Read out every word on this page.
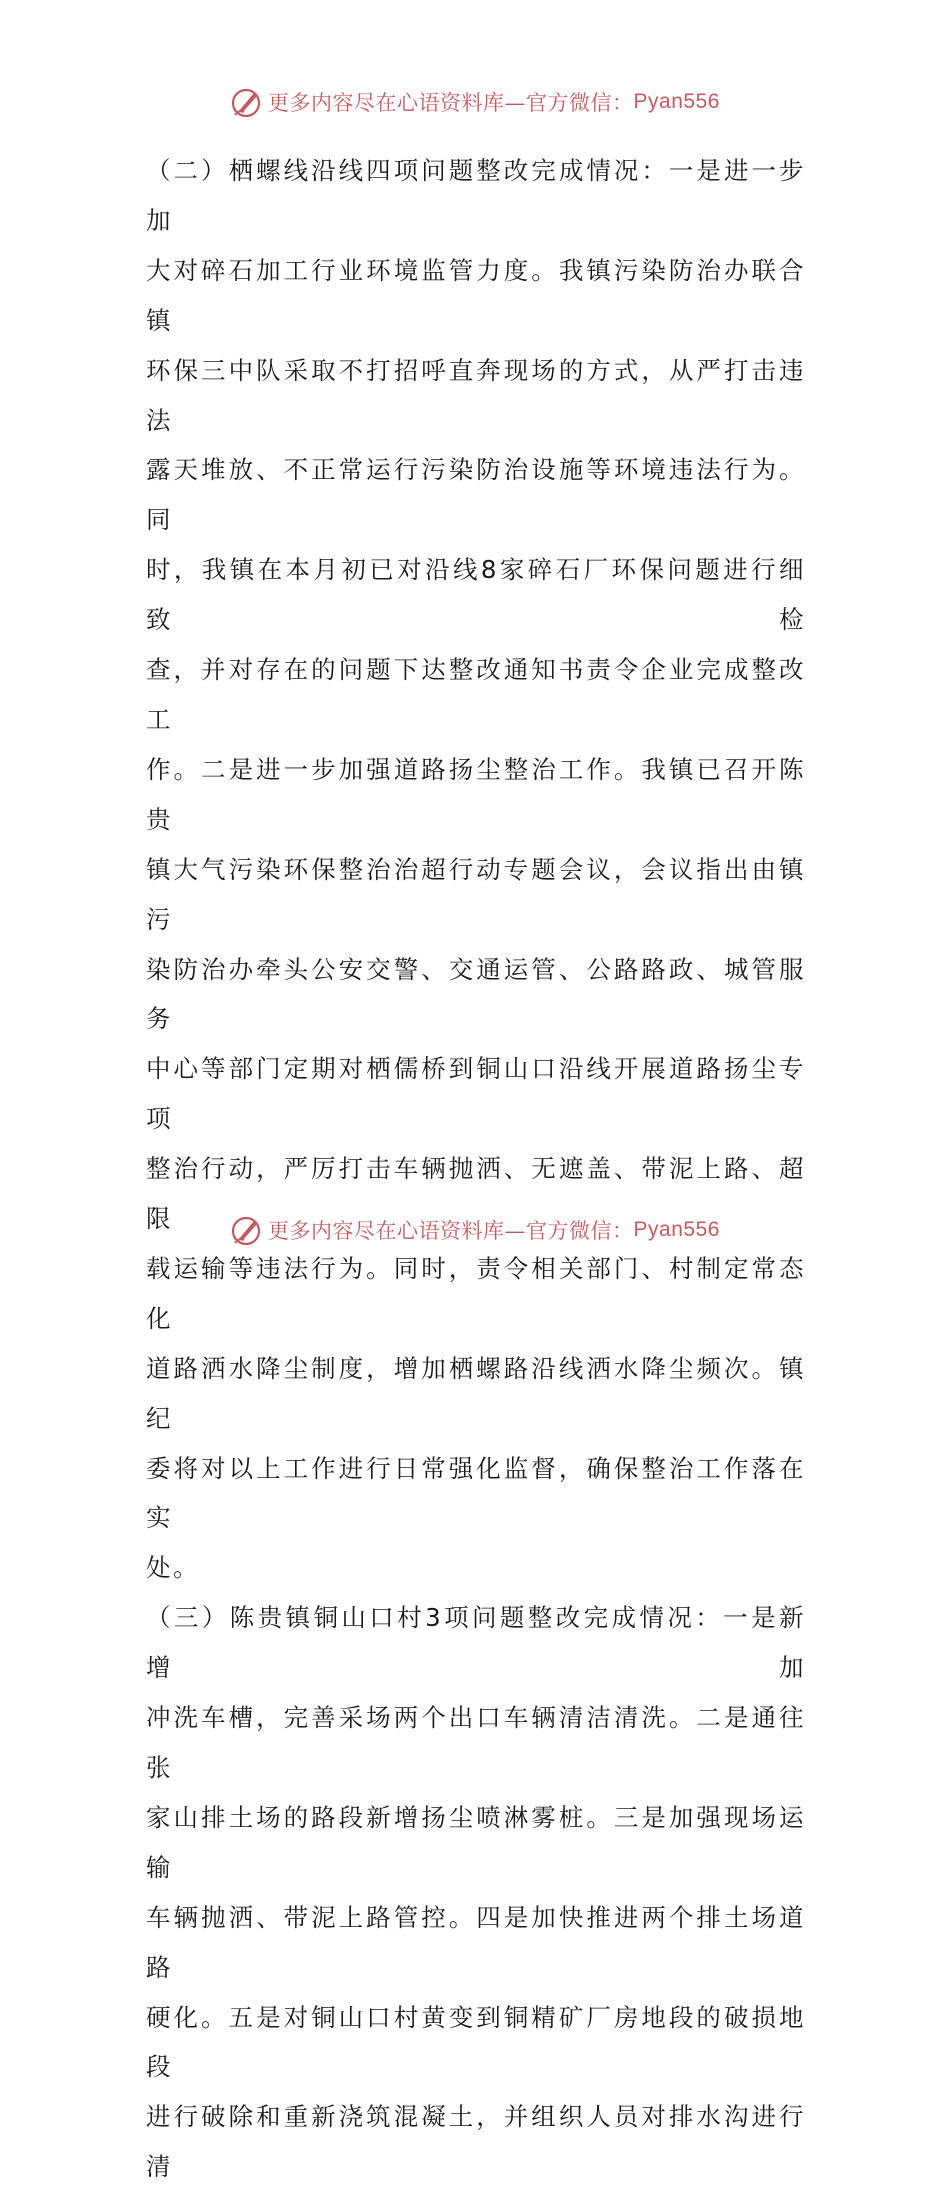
更多内容尽在心语资料库—官方微信： Pyan556

（二）栖螺线沿线四项问题整改完成情况：一是进一步加

大对碎石加工行业环境监管力度。我镇污染防治办联合镇

环保三中队采取不打招呼直奔现场的方式，从严打击违法

露天堆放、不正常运行污染防治设施等环境违法行为。同

时，我镇在本月初已对沿线8家碎石厂环保问题进行细致检

查，并对存在的问题下达整改通知书责令企业完成整改工

作。二是进一步加强道路扬尘整治工作。我镇已召开陈贵

镇大气污染环保整治治超行动专题会议，会议指出由镇污

染防治办牵头公安交警、交通运管、公路路政、城管服务

中心等部门定期对栖儒桥到铜山口沿线开展道路扬尘专项

整治行动，严厉打击车辆抛洒、无遮盖、带泥上路、超限

载运输等违法行为。同时，责令相关部门、村制定常态化

道路洒水降尘制度，增加栖螺路沿线洒水降尘频次。镇纪

委将对以上工作进行日常强化监督，确保整治工作落在实

处。

（三）陈贵镇铜山口村3项问题整改完成情况：一是新增加

冲洗车槽，完善采场两个出口车辆清洁清洗。二是通往张

家山排土场的路段新增扬尘喷淋雾桩。三是加强现场运输

车辆抛洒、带泥上路管控。四是加快推进两个排土场道路

硬化。五是对铜山口村黄变到铜精矿厂房地段的破损地段

进行破除和重新浇筑混凝土，并组织人员对排水沟进行清

更多内容尽在心语资料库—官方微信： Pyan556
